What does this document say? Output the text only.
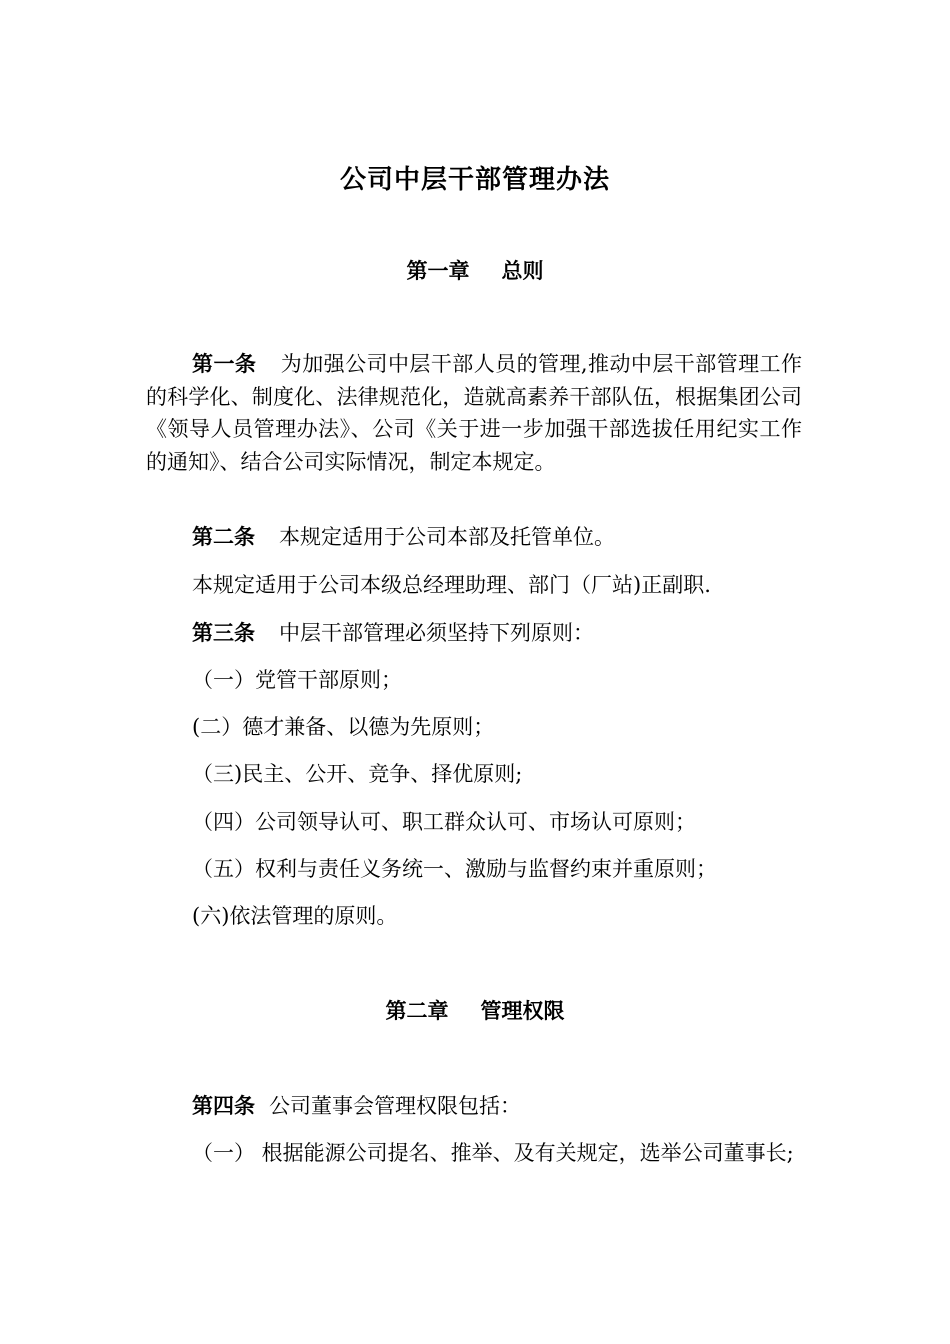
公司中层干部管理办法
第一章 总则
第一条 为加强公司中层干部人员的管理,推动中层干部管理工作的科学化、制度化、法律规范化，造就高素养干部队伍，根据集团公司《领导人员管理办法》、公司《关于进一步加强干部选拔任用纪实工作的通知》、结合公司实际情况，制定本规定。
第二条 本规定适用于公司本部及托管单位。
本规定适用于公司本级总经理助理、部门（厂站)正副职.
第三条 中层干部管理必须坚持下列原则：
（一）党管干部原则；
(二）德才兼备、以德为先原则；
（三)民主、公开、竞争、择优原则;
（四）公司领导认可、职工群众认可、市场认可原则；
（五）权利与责任义务统一、激励与监督约束并重原则；
(六)依法管理的原则。
第二章 管理权限
第四条 公司董事会管理权限包括：
（一） 根据能源公司提名、推举、及有关规定，选举公司董事长;
